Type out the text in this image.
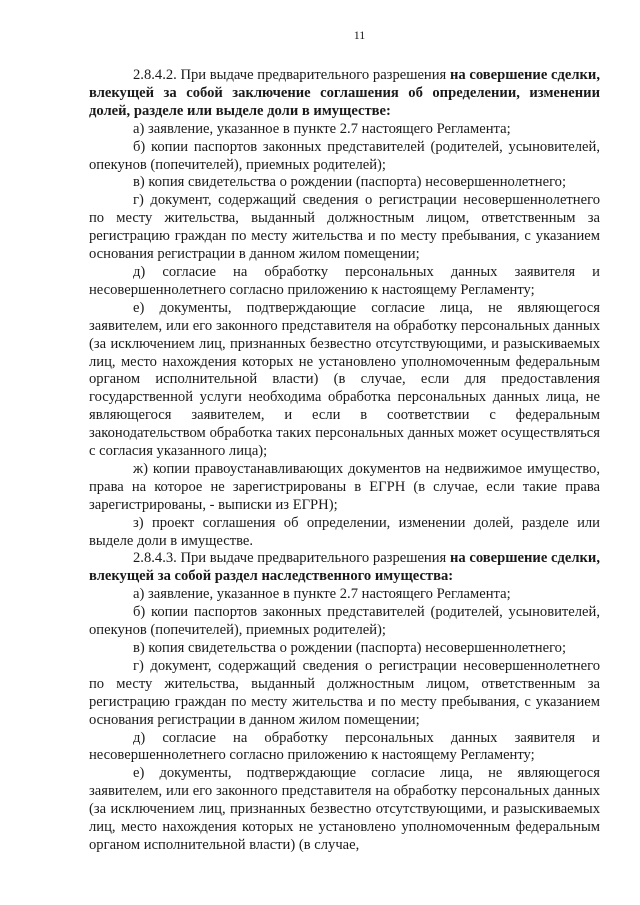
11

2.8.4.2. При выдаче предварительного разрешения на совершение сделки, влекущей за собой заключение соглашения об определении, изменении долей, разделе или выделе доли в имуществе:

а) заявление, указанное в пункте 2.7 настоящего Регламента;

б) копии паспортов законных представителей (родителей, усыновителей, опекунов (попечителей), приемных родителей);

в) копия свидетельства о рождении (паспорта) несовершеннолетнего;

г) документ, содержащий сведения о регистрации несовершеннолетнего по месту жительства, выданный должностным лицом, ответственным за регистрацию граждан по месту жительства и по месту пребывания, с указанием основания регистрации в данном жилом помещении;

д) согласие на обработку персональных данных заявителя и несовершеннолетнего согласно приложению к настоящему Регламенту;

е) документы, подтверждающие согласие лица, не являющегося заявителем, или его законного представителя на обработку персональных данных (за исключением лиц, признанных безвестно отсутствующими, и разыскиваемых лиц, место нахождения которых не установлено уполномоченным федеральным органом исполнительной власти) (в случае, если для предоставления государственной услуги необходима обработка персональных данных лица, не являющегося заявителем, и если в соответствии с федеральным законодательством обработка таких персональных данных может осуществляться с согласия указанного лица);

ж) копии правоустанавливающих документов на недвижимое имущество, права на которое не зарегистрированы в ЕГРН (в случае, если такие права зарегистрированы, - выписки из ЕГРН);

з) проект соглашения об определении, изменении долей, разделе или выделе доли в имуществе.

2.8.4.3. При выдаче предварительного разрешения на совершение сделки, влекущей за собой раздел наследственного имущества:

а) заявление, указанное в пункте 2.7 настоящего Регламента;

б) копии паспортов законных представителей (родителей, усыновителей, опекунов (попечителей), приемных родителей);

в) копия свидетельства о рождении (паспорта) несовершеннолетнего;

г) документ, содержащий сведения о регистрации несовершеннолетнего по месту жительства, выданный должностным лицом, ответственным за регистрацию граждан по месту жительства и по месту пребывания, с указанием основания регистрации в данном жилом помещении;

д) согласие на обработку персональных данных заявителя и несовершеннолетнего согласно приложению к настоящему Регламенту;

е) документы, подтверждающие согласие лица, не являющегося заявителем, или его законного представителя на обработку персональных данных (за исключением лиц, признанных безвестно отсутствующими, и разыскиваемых лиц, место нахождения которых не установлено уполномоченным федеральным органом исполнительной власти) (в случае,
